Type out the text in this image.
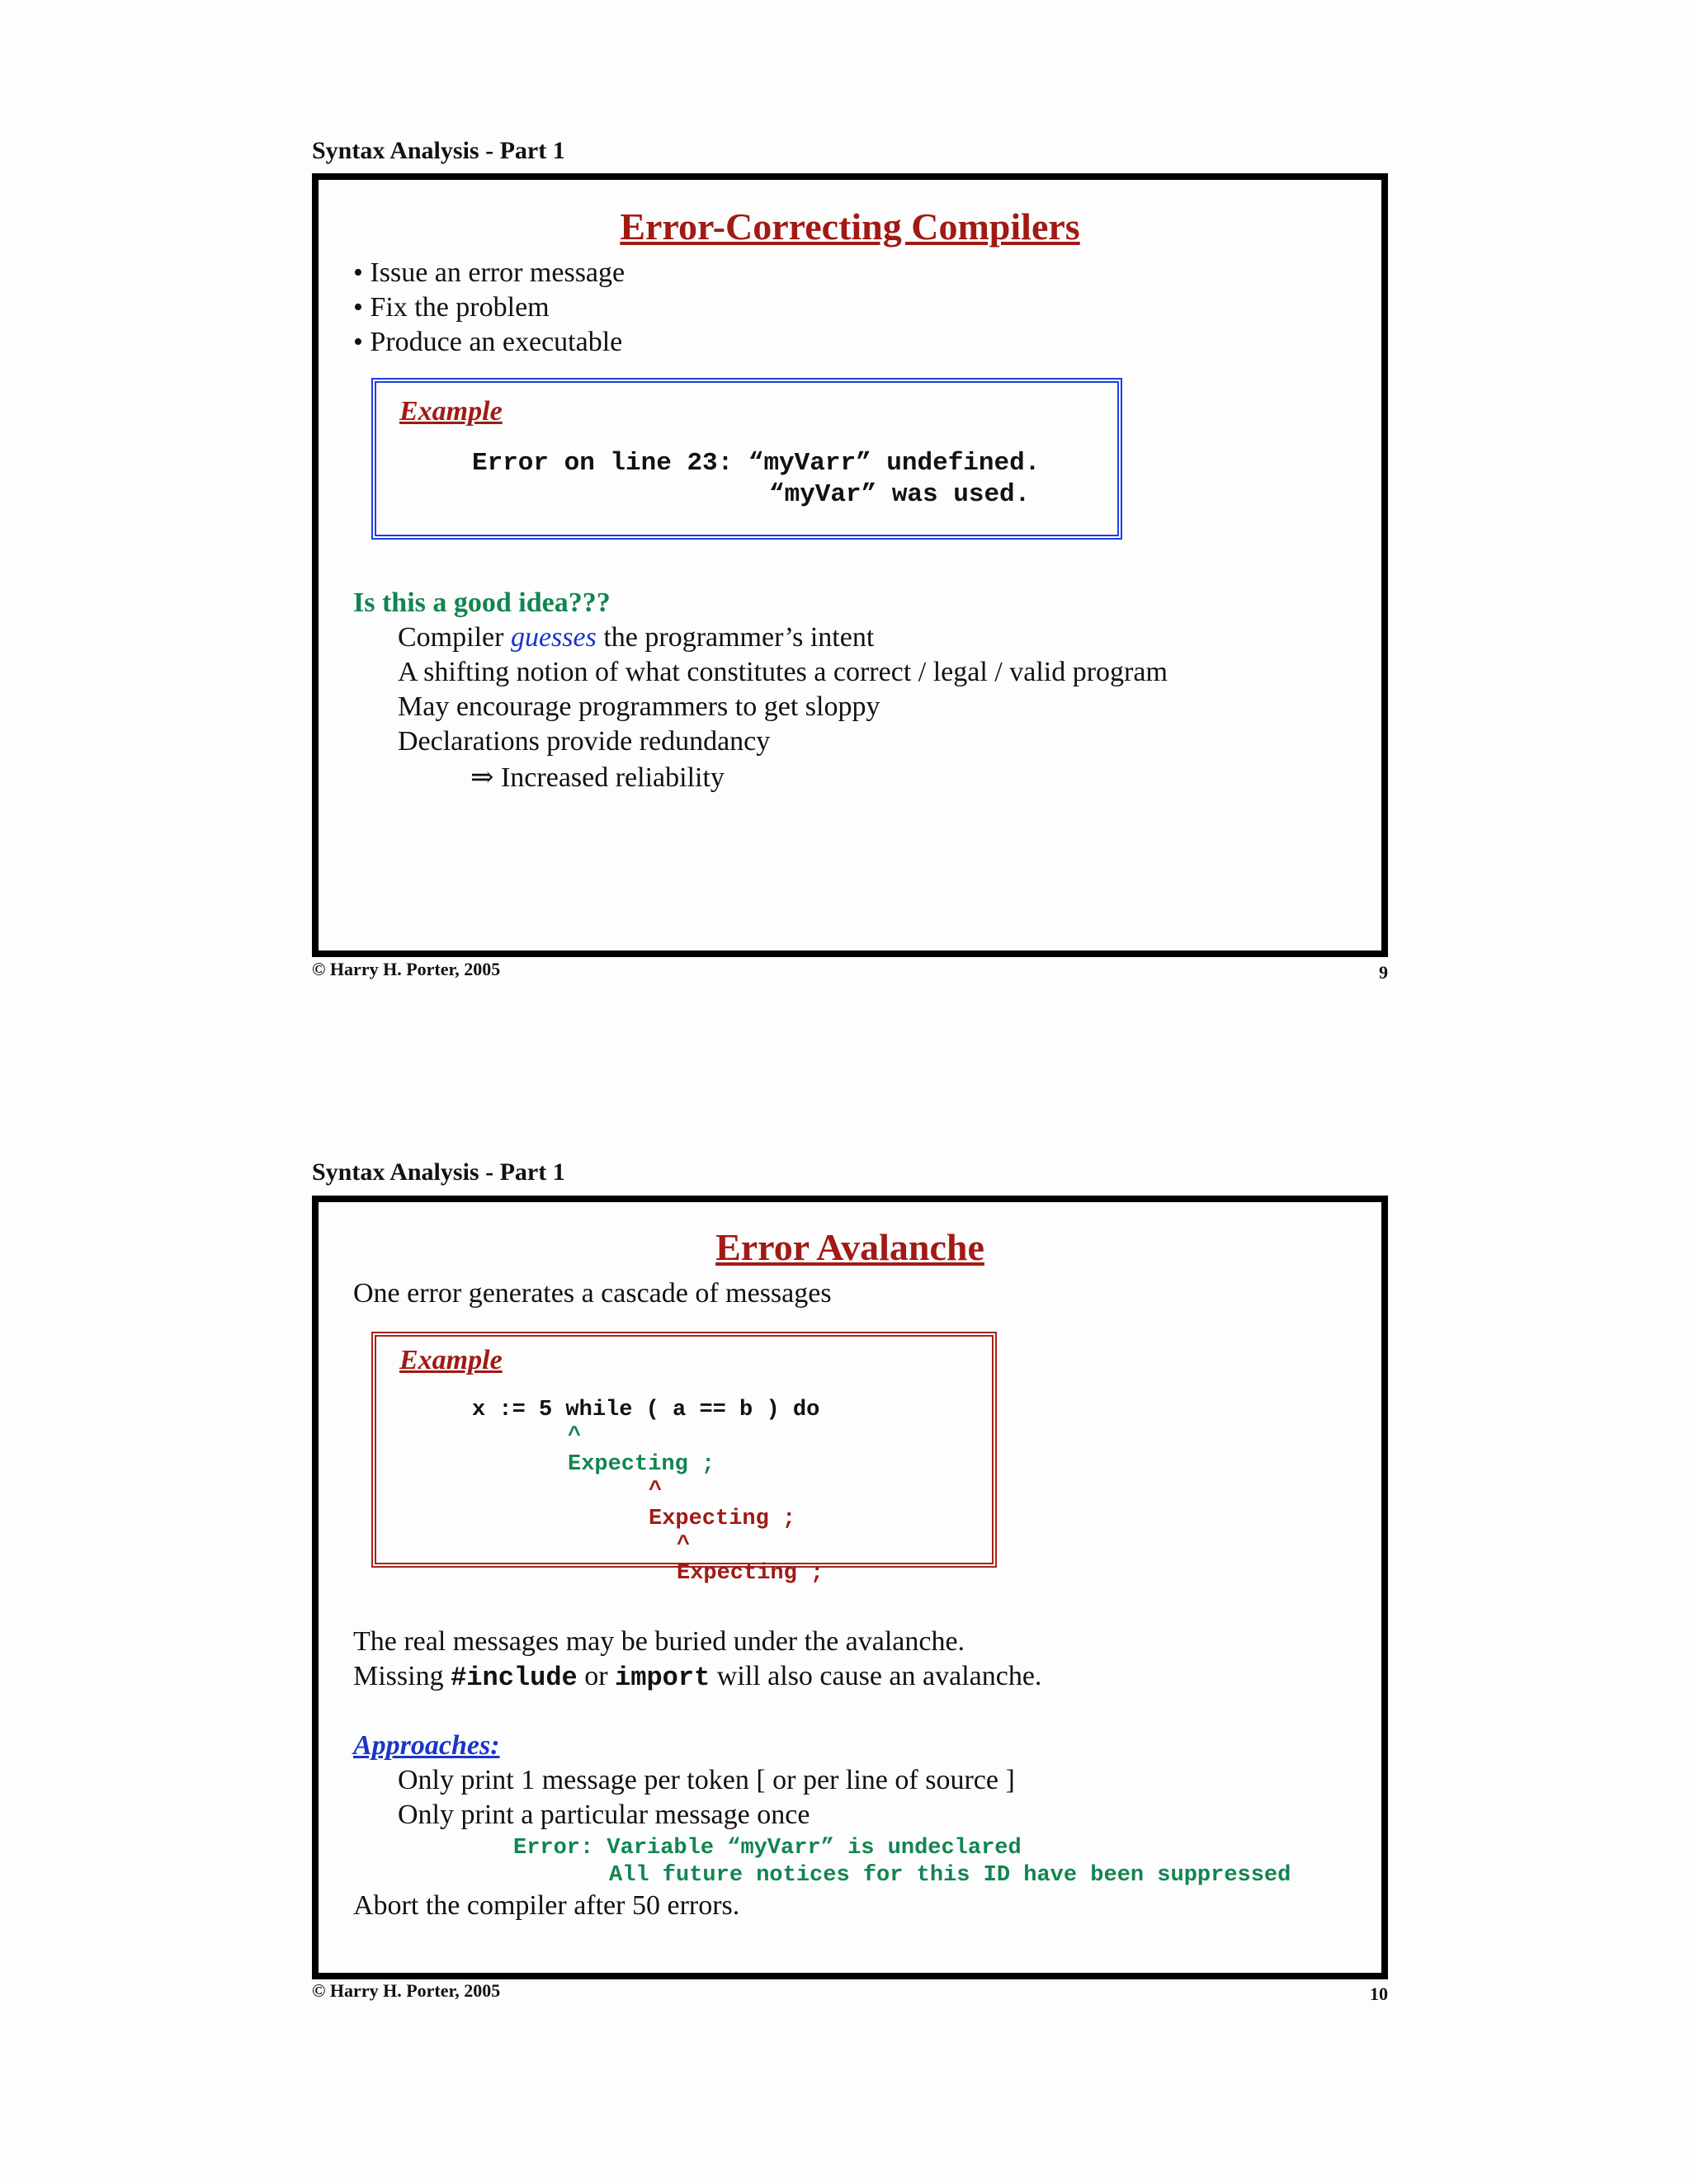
Syntax Analysis - Part 1
Error-Correcting Compilers
• Issue an error message
• Fix the problem
• Produce an executable
Example
Error on line 23: “myVarr” undefined.
“myVar” was used.
Is this a good idea???
Compiler guesses the programmer’s intent
A shifting notion of what constitutes a correct / legal / valid program
May encourage programmers to get sloppy
Declarations provide redundancy
⇒ Increased reliability
© Harry H. Porter, 2005	9
Syntax Analysis - Part 1
Error Avalanche
One error generates a cascade of messages
Example
x := 5 while ( a == b ) do
^
Expecting ;
^
Expecting ;
^
Expecting ;
The real messages may be buried under the avalanche.
Missing #include or import will also cause an avalanche.
Approaches:
Only print 1 message per token [ or per line of source ]
Only print a particular message once
Error: Variable “myVarr” is undeclared
All future notices for this ID have been suppressed
Abort the compiler after 50 errors.
© Harry H. Porter, 2005	10
